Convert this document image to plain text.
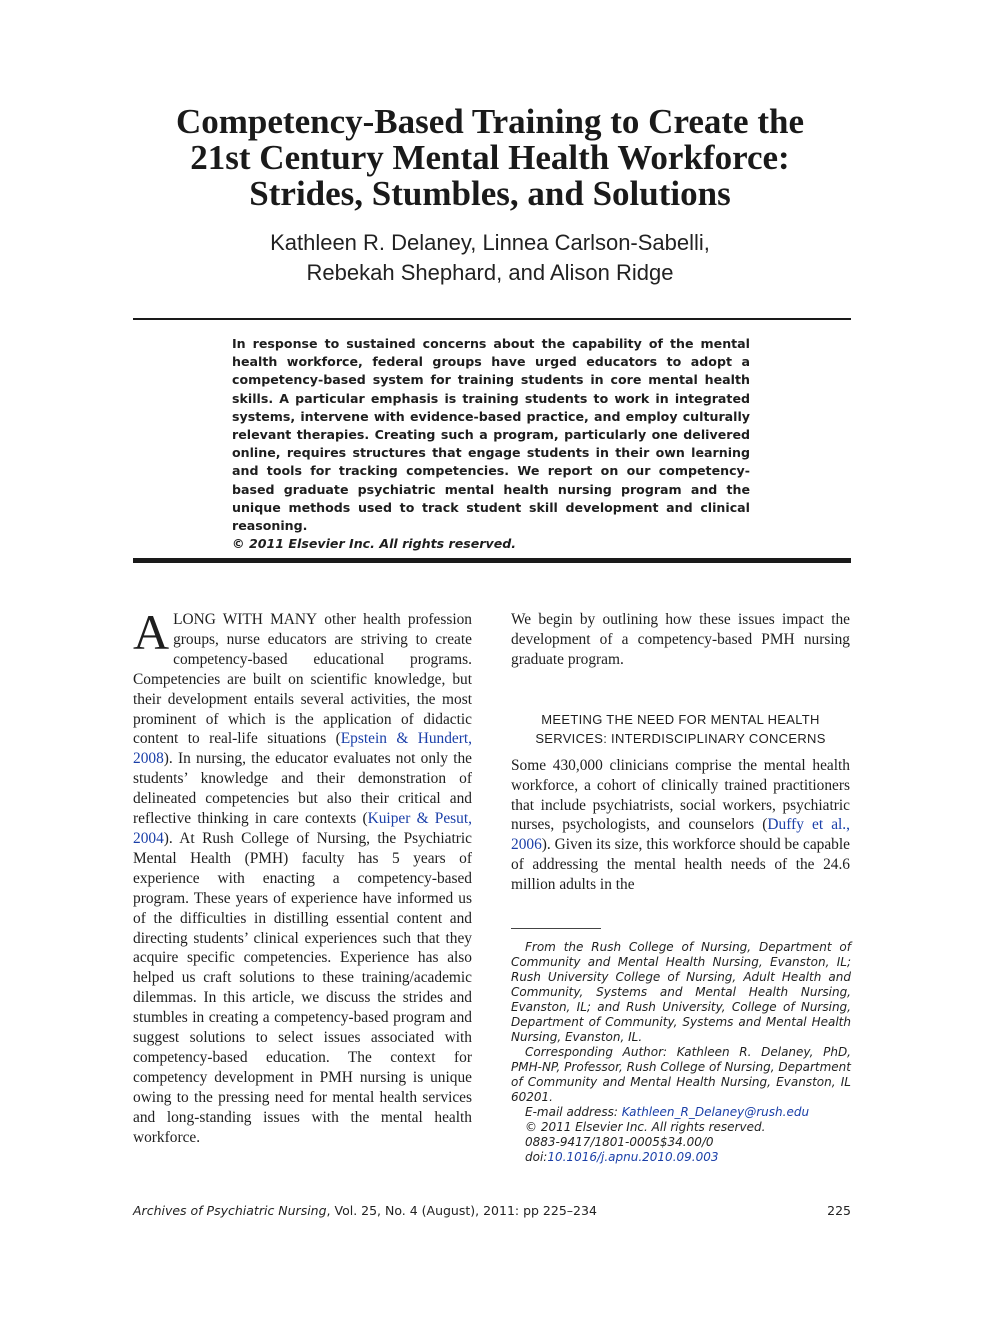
Competency-Based Training to Create the
21st Century Mental Health Workforce:
Strides, Stumbles, and Solutions
Kathleen R. Delaney, Linnea Carlson-Sabelli,
Rebekah Shephard, and Alison Ridge
In response to sustained concerns about the capability of the mental health workforce, federal groups have urged educators to adopt a competency-based system for training students in core mental health skills. A particular emphasis is training students to work in integrated systems, intervene with evidence-based practice, and employ culturally relevant therapies. Creating such a program, particularly one delivered online, requires structures that engage students in their own learning and tools for tracking competencies. We report on our competency-based graduate psychiatric mental health nursing program and the unique methods used to track student skill development and clinical reasoning.
© 2011 Elsevier Inc. All rights reserved.
ALONG WITH MANY other health profession groups, nurse educators are striving to create competency-based educational programs. Competencies are built on scientific knowledge, but their development entails several activities, the most prominent of which is the application of didactic content to real-life situations (Epstein & Hundert, 2008). In nursing, the educator evaluates not only the students’ knowledge and their demonstration of delineated competencies but also their critical and reflective thinking in care contexts (Kuiper & Pesut, 2004). At Rush College of Nursing, the Psychiatric Mental Health (PMH) faculty has 5 years of experience with enacting a competency-based program. These years of experience have informed us of the difficulties in distilling essential content and directing students’ clinical experiences such that they acquire specific competencies. Experience has also helped us craft solutions to these training/academic dilemmas. In this article, we discuss the strides and stumbles in creating a competency-based program and suggest solutions to select issues associated with competency-based education. The context for competency development in PMH nursing is unique owing to the pressing need for mental health services and long-standing issues with the mental health workforce.

We begin by outlining how these issues impact the development of a competency-based PMH nursing graduate program.

MEETING THE NEED FOR MENTAL HEALTH
SERVICES: INTERDISCIPLINARY CONCERNS

Some 430,000 clinicians comprise the mental health workforce, a cohort of clinically trained practitioners that include psychiatrists, social workers, psychiatric nurses, psychologists, and counselors (Duffy et al., 2006). Given its size, this workforce should be capable of addressing the mental health needs of the 24.6 million adults in the

From the Rush College of Nursing, Department of Community and Mental Health Nursing, Evanston, IL; Rush University College of Nursing, Adult Health and Community, Systems and Mental Health Nursing, Evanston, IL; and Rush University, College of Nursing, Department of Community, Systems and Mental Health Nursing, Evanston, IL.

Corresponding Author: Kathleen R. Delaney, PhD, PMH-NP, Professor, Rush College of Nursing, Department of Community and Mental Health Nursing, Evanston, IL 60201.

E-mail address: Kathleen_R_Delaney@rush.edu
© 2011 Elsevier Inc. All rights reserved.
0883-9417/1801-0005$34.00/0
doi:10.1016/j.apnu.2010.09.003
Archives of Psychiatric Nursing, Vol. 25, No. 4 (August), 2011: pp 225–234	225
